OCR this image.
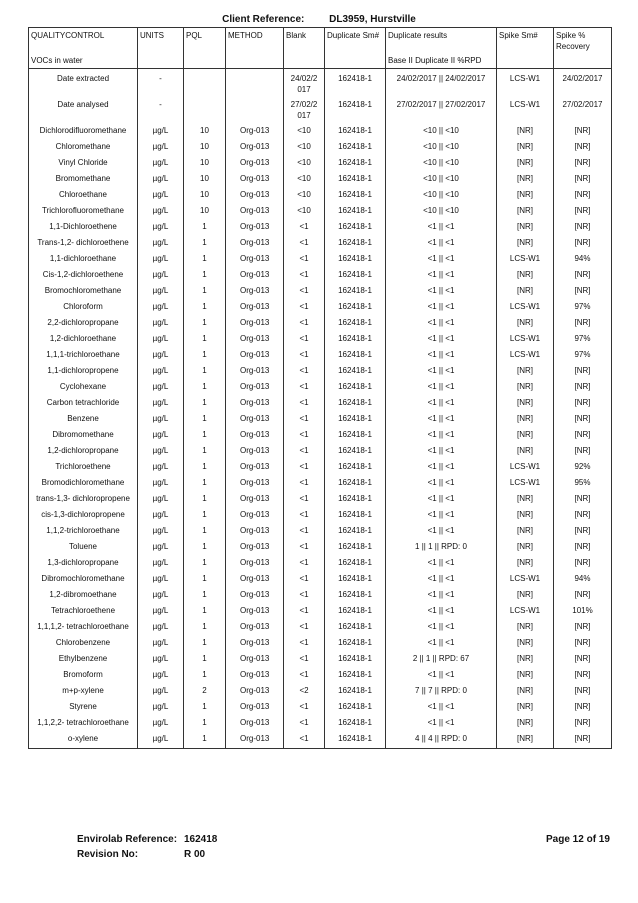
Client Reference: DL3959, Hurstville
QUALITYCONTROL	UNITS	PQL	METHOD	Blank	Duplicate Sm#	Duplicate results	Spike Sm#	Spike % Recovery
VOCs in water						Base II Duplicate II %RPD		
Date extracted	-			24/02/2 017	162418-1	24/02/2017 || 24/02/2017	LCS-W1	24/02/2017
Date analysed	-			27/02/2 017	162418-1	27/02/2017 || 27/02/2017	LCS-W1	27/02/2017
Dichlorodifluoromethane	µg/L	10	Org-013	<10	162418-1	<10 || <10	[NR]	[NR]
Chloromethane	µg/L	10	Org-013	<10	162418-1	<10 || <10	[NR]	[NR]
Vinyl Chloride	µg/L	10	Org-013	<10	162418-1	<10 || <10	[NR]	[NR]
Bromomethane	µg/L	10	Org-013	<10	162418-1	<10 || <10	[NR]	[NR]
Chloroethane	µg/L	10	Org-013	<10	162418-1	<10 || <10	[NR]	[NR]
Trichlorofluoromethane	µg/L	10	Org-013	<10	162418-1	<10 || <10	[NR]	[NR]
1,1-Dichloroethene	µg/L	1	Org-013	<1	162418-1	<1 || <1	[NR]	[NR]
Trans-1,2- dichloroethene	µg/L	1	Org-013	<1	162418-1	<1 || <1	[NR]	[NR]
1,1-dichloroethane	µg/L	1	Org-013	<1	162418-1	<1 || <1	LCS-W1	94%
Cis-1,2-dichloroethene	µg/L	1	Org-013	<1	162418-1	<1 || <1	[NR]	[NR]
Bromochloromethane	µg/L	1	Org-013	<1	162418-1	<1 || <1	[NR]	[NR]
Chloroform	µg/L	1	Org-013	<1	162418-1	<1 || <1	LCS-W1	97%
2,2-dichloropropane	µg/L	1	Org-013	<1	162418-1	<1 || <1	[NR]	[NR]
1,2-dichloroethane	µg/L	1	Org-013	<1	162418-1	<1 || <1	LCS-W1	97%
1,1,1-trichloroethane	µg/L	1	Org-013	<1	162418-1	<1 || <1	LCS-W1	97%
1,1-dichloropropene	µg/L	1	Org-013	<1	162418-1	<1 || <1	[NR]	[NR]
Cyclohexane	µg/L	1	Org-013	<1	162418-1	<1 || <1	[NR]	[NR]
Carbon tetrachloride	µg/L	1	Org-013	<1	162418-1	<1 || <1	[NR]	[NR]
Benzene	µg/L	1	Org-013	<1	162418-1	<1 || <1	[NR]	[NR]
Dibromomethane	µg/L	1	Org-013	<1	162418-1	<1 || <1	[NR]	[NR]
1,2-dichloropropane	µg/L	1	Org-013	<1	162418-1	<1 || <1	[NR]	[NR]
Trichloroethene	µg/L	1	Org-013	<1	162418-1	<1 || <1	LCS-W1	92%
Bromodichloromethane	µg/L	1	Org-013	<1	162418-1	<1 || <1	LCS-W1	95%
trans-1,3- dichloropropene	µg/L	1	Org-013	<1	162418-1	<1 || <1	[NR]	[NR]
cis-1,3-dichloropropene	µg/L	1	Org-013	<1	162418-1	<1 || <1	[NR]	[NR]
1,1,2-trichloroethane	µg/L	1	Org-013	<1	162418-1	<1 || <1	[NR]	[NR]
Toluene	µg/L	1	Org-013	<1	162418-1	1 || 1 || RPD: 0	[NR]	[NR]
1,3-dichloropropane	µg/L	1	Org-013	<1	162418-1	<1 || <1	[NR]	[NR]
Dibromochloromethane	µg/L	1	Org-013	<1	162418-1	<1 || <1	LCS-W1	94%
1,2-dibromoethane	µg/L	1	Org-013	<1	162418-1	<1 || <1	[NR]	[NR]
Tetrachloroethene	µg/L	1	Org-013	<1	162418-1	<1 || <1	LCS-W1	101%
1,1,1,2- tetrachloroethane	µg/L	1	Org-013	<1	162418-1	<1 || <1	[NR]	[NR]
Chlorobenzene	µg/L	1	Org-013	<1	162418-1	<1 || <1	[NR]	[NR]
Ethylbenzene	µg/L	1	Org-013	<1	162418-1	2 || 1 || RPD: 67	[NR]	[NR]
Bromoform	µg/L	1	Org-013	<1	162418-1	<1 || <1	[NR]	[NR]
m+p-xylene	µg/L	2	Org-013	<2	162418-1	7 || 7 || RPD: 0	[NR]	[NR]
Styrene	µg/L	1	Org-013	<1	162418-1	<1 || <1	[NR]	[NR]
1,1,2,2- tetrachloroethane	µg/L	1	Org-013	<1	162418-1	<1 || <1	[NR]	[NR]
o-xylene	µg/L	1	Org-013	<1	162418-1	4 || 4 || RPD: 0	[NR]	[NR]
Envirolab Reference: 162418
Revision No:	R 00
Page 12 of 19
